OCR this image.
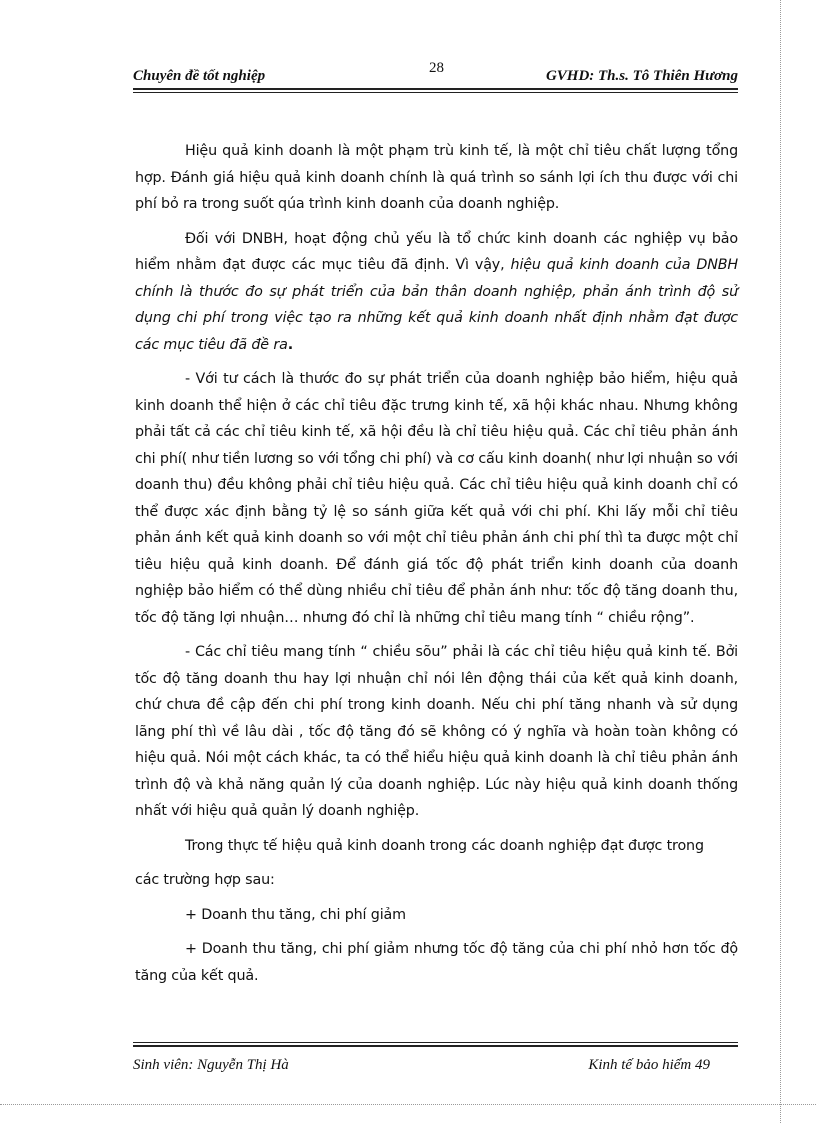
Chuyên đề tốt nghiệp	28	GVHD: Th.s. Tô Thiên Hương

Hiệu quả kinh doanh là một phạm trù kinh tế, là một chỉ tiêu chất lượng tổng hợp. Đánh giá hiệu quả kinh doanh chính là quá trình so sánh lợi ích thu được với chi phí bỏ ra trong suốt qúa trình kinh doanh của doanh nghiệp.

Đối với DNBH, hoạt động chủ yếu là tổ chức kinh doanh các nghiệp vụ bảo hiểm nhằm đạt được các mục tiêu đã định. Vì vậy, hiệu quả kinh doanh của DNBH chính là thước đo sự phát triển của bản thân doanh nghiệp, phản ánh trình độ sử dụng chi phí trong việc tạo ra những kết quả kinh doanh nhất định nhằm đạt được các mục tiêu đã đề ra.

- Với tư cách là thước đo sự phát triển của doanh nghiệp bảo hiểm, hiệu quả kinh doanh thể hiện ở các chỉ tiêu đặc trưng kinh tế, xã hội khác nhau. Nhưng không phải tất cả các chỉ tiêu kinh tế, xã hội đều là chỉ tiêu hiệu quả. Các chỉ tiêu phản ánh chi phí( như tiền lương so với tổng chi phí) và cơ cấu kinh doanh( như lợi nhuận so với doanh thu) đều không phải chỉ tiêu hiệu quả. Các chỉ tiêu hiệu quả kinh doanh chỉ có thể được xác định bằng tỷ lệ so sánh giữa kết quả với chi phí. Khi lấy mỗi chỉ tiêu phản ánh kết quả kinh doanh so với một chỉ tiêu phản ánh chi phí thì ta được một chỉ tiêu hiệu quả kinh doanh. Để đánh giá tốc độ phát triển kinh doanh của doanh nghiệp bảo hiểm có thể dùng nhiều chỉ tiêu để phản ánh như: tốc độ tăng doanh thu, tốc độ tăng lợi nhuận… nhưng đó chỉ là những chỉ tiêu mang tính “ chiều rộng”.

- Các chỉ tiêu mang tính “ chiều sõu” phải là các chỉ tiêu hiệu quả kinh tế. Bởi tốc độ tăng doanh thu hay lợi nhuận chỉ nói lên động thái của kết quả kinh doanh, chứ chưa đề cập đến chi phí trong kinh doanh. Nếu chi phí tăng nhanh và sử dụng lãng phí thì về lâu dài , tốc độ tăng đó sẽ không có ý nghĩa và hoàn toàn không có hiệu quả. Nói một cách khác, ta có thể hiểu hiệu quả kinh doanh là chỉ tiêu phản ánh trình độ và khả năng quản lý của doanh nghiệp. Lúc này hiệu quả kinh doanh thống nhất với hiệu quả quản lý doanh nghiệp.

Trong thực tế hiệu quả kinh doanh trong các doanh nghiệp đạt được trong

các trường hợp sau:

+ Doanh thu tăng, chi phí giảm

+ Doanh thu tăng, chi phí giảm nhưng tốc độ tăng của chi phí nhỏ hơn tốc độ tăng của kết quả.

Sinh viên: Nguyễn Thị Hà	Kinh tế bảo hiểm 49
